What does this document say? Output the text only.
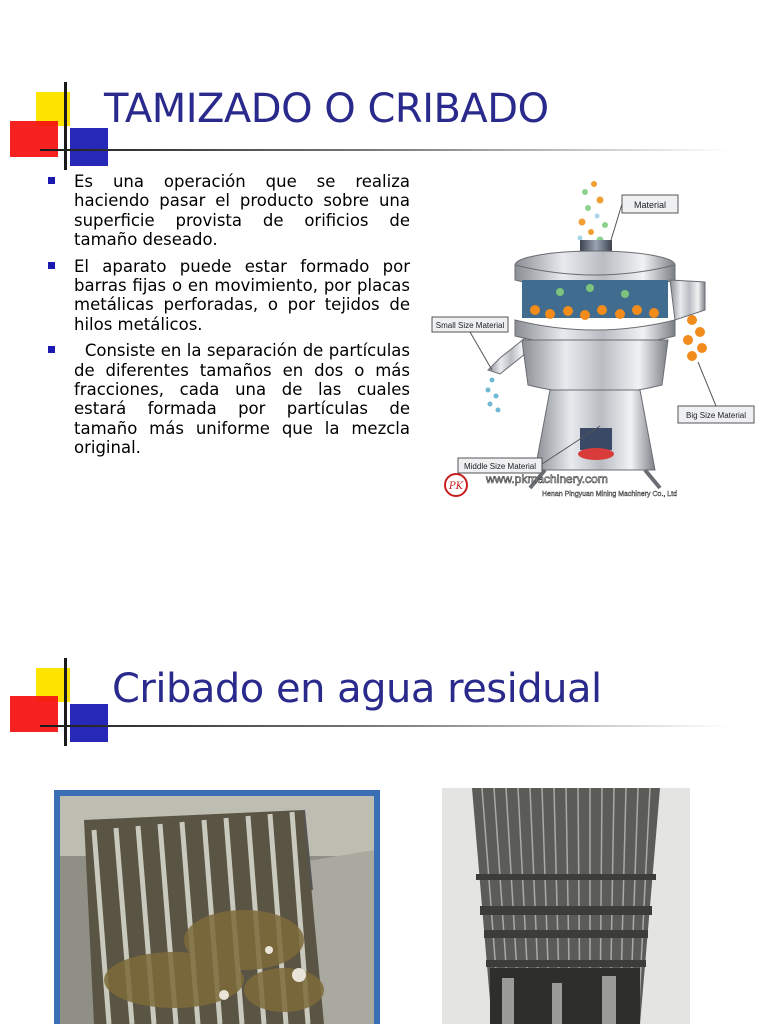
TAMIZADO O CRIBADO
Es una operación que se realiza haciendo pasar el producto sobre una superficie provista de orificios de tamaño deseado.
El aparato puede estar formado por barras fijas o en movimiento, por placas metálicas perforadas, o por tejidos de hilos metálicos.
Consiste en la separación de partículas de diferentes tamaños en dos o más fracciones, cada una de las cuales estará formada por partículas de tamaño más uniforme que la mezcla original.
Material
Small Size Material
Big Size Material
Middle Size Material
PK
www.pkmachinery.com
Henan Pingyuan Mining Machinery Co., Ltd
Cribado en agua residual
